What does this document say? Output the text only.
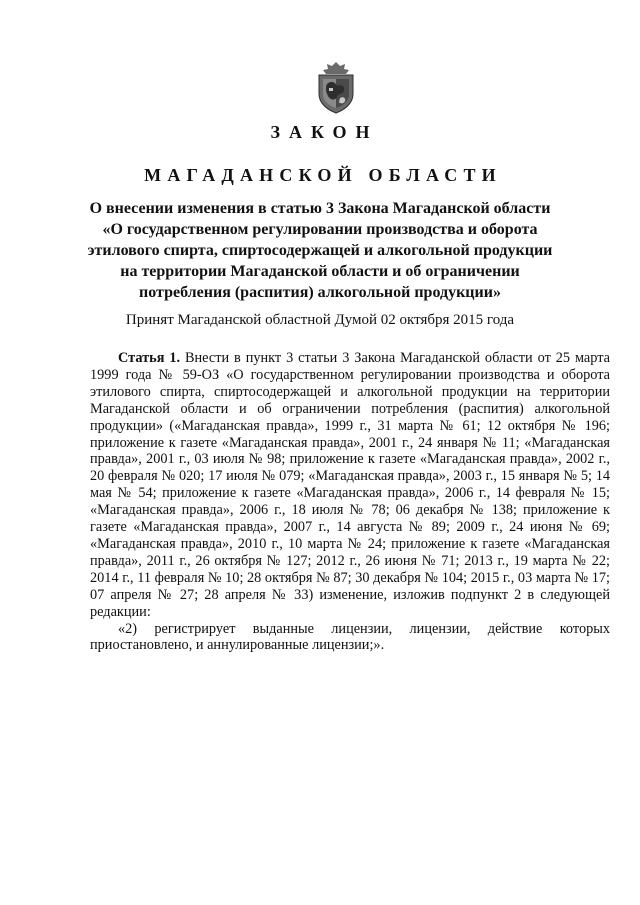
ЗАКОН
МАГАДАНСКОЙ ОБЛАСТИ
О внесении изменения в статью 3 Закона Магаданской области
«О государственном регулировании производства и оборота
этилового спирта, спиртосодержащей и алкогольной продукции
на территории Магаданской области и об ограничении
потребления (распития) алкогольной продукции»
Принят Магаданской областной Думой 02 октября 2015 года

Статья 1. Внести в пункт 3 статьи 3 Закона Магаданской области от 25 марта 1999 года № 59-ОЗ «О государственном регулировании производства и оборота этилового спирта, спиртосодержащей и алкогольной продукции на территории Магаданской области и об ограничении потребления (распития) алкогольной продукции» («Магаданская правда», 1999 г., 31 марта № 61; 12 октября № 196; приложение к газете «Магаданская правда», 2001 г., 24 января № 11; «Магаданская правда», 2001 г., 03 июля № 98; приложение к газете «Магаданская правда», 2002 г., 20 февраля № 020; 17 июля № 079; «Магаданская правда», 2003 г., 15 января № 5; 14 мая № 54; приложение к газете «Магаданская правда», 2006 г., 14 февраля № 15; «Магаданская правда», 2006 г., 18 июля № 78; 06 декабря № 138; приложение к газете «Магаданская правда», 2007 г., 14 августа № 89; 2009 г., 24 июня № 69; «Магаданская правда», 2010 г., 10 марта № 24; приложение к газете «Магаданская правда», 2011 г., 26 октября № 127; 2012 г., 26 июня № 71; 2013 г., 19 марта № 22; 2014 г., 11 февраля № 10; 28 октября № 87; 30 декабря № 104; 2015 г., 03 марта № 17; 07 апреля № 27; 28 апреля № 33) изменение, изложив подпункт 2 в следующей редакции:

«2) регистрирует выданные лицензии, лицензии, действие которых приостановлено, и аннулированные лицензии;».
